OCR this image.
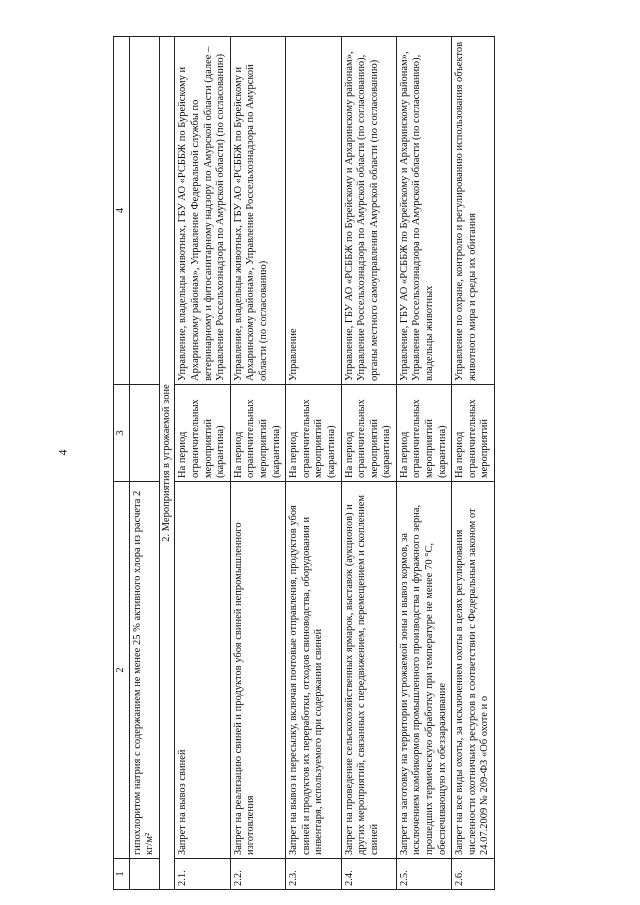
4
1	2	3	4
	гипохлоритом натрия с содержанием не менее 25 % активного хлора из расчета 2 кг/м²		
2. Мероприятия в угрожаемой зоне			
2.1.	Запрет на вывоз свиней	На период ограничительных мероприятий (карантина)	Управление, владельцы животных, ГБУ АО «РСББЖ по Бурейскому и Архаринскому районам», Управление Федеральной службы по ветеринарному и фитосанитарному надзору по Амурской области (далее – Управление Россельхознадзора по Амурской области) (по согласованию)
2.2.	Запрет на реализацию свиней и продуктов убоя свиней непромышленного изготовления	На период ограничительных мероприятий (карантина)	Управление, владельцы животных, ГБУ АО «РСББЖ по Бурейскому и Архаринскому районам», Управление Россельхознадзора по Амурской области (по согласованию)
2.3.	Запрет на вывоз и пересылку, включая почтовые отправления, продуктов убоя свиней и продуктов их переработки, отходов свиноводства, оборудования и инвентаря, используемого при содержании свиней	На период ограничительных мероприятий (карантина)	Управление
2.4.	Запрет на проведение сельскохозяйственных ярмарок, выставок (аукционов) и других мероприятий, связанных с передвижением, перемещением и скоплением свиней	На период ограничительных мероприятий (карантина)	Управление, ГБУ АО «РСББЖ по Бурейскому и Архаринскому районам», Управление Россельхознадзора по Амурской области (по согласованию), органы местного самоуправления Амурской области (по согласованию)
2.5.	Запрет на заготовку на территории угрожаемой зоны и вывоз кормов, за исключением комбикормов промышленного производства и фуражного зерна, прошедших термическую обработку при температуре не менее 70 °С, обеспечивающую их обеззараживание	На период ограничительных мероприятий (карантина)	Управление, ГБУ АО «РСББЖ по Бурейскому и Архаринскому районам», Управление Россельхознадзора по Амурской области (по согласованию), владельцы животных
2.6.	Запрет на все виды охоты, за исключением охоты в целях регулирования численности охотничьих ресурсов в соответствии с Федеральным законом от 24.07.2009 № 209-ФЗ «Об охоте и о	На период ограничительных мероприятий	Управление по охране, контролю и регулированию использования объектов животного мира и среды их обитания
